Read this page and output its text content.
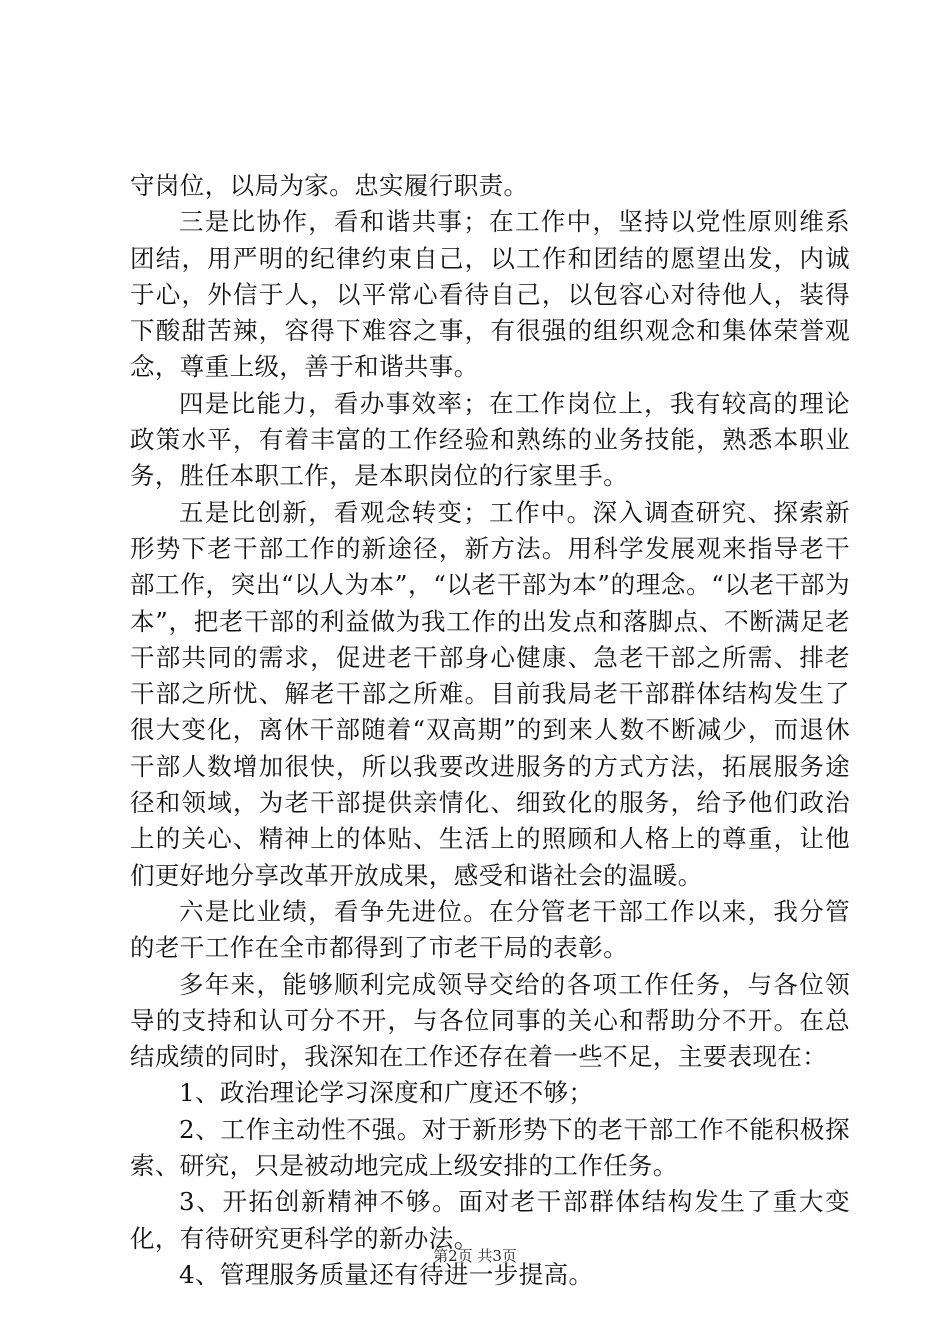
守岗位，以局为家。忠实履行职责。

三是比协作，看和谐共事；在工作中，坚持以党性原则维系团结，用严明的纪律约束自己，以工作和团结的愿望出发，内诚于心，外信于人，以平常心看待自己，以包容心对待他人，装得下酸甜苦辣，容得下难容之事，有很强的组织观念和集体荣誉观念，尊重上级，善于和谐共事。

四是比能力，看办事效率；在工作岗位上，我有较高的理论政策水平，有着丰富的工作经验和熟练的业务技能，熟悉本职业务，胜任本职工作，是本职岗位的行家里手。

五是比创新，看观念转变；工作中。深入调查研究、探索新形势下老干部工作的新途径，新方法。用科学发展观来指导老干部工作，突出“以人为本”，“以老干部为本”的理念。“以老干部为本”，把老干部的利益做为我工作的出发点和落脚点、不断满足老干部共同的需求，促进老干部身心健康、急老干部之所需、排老干部之所忧、解老干部之所难。目前我局老干部群体结构发生了很大变化，离休干部随着“双高期”的到来人数不断减少，而退休干部人数增加很快，所以我要改进服务的方式方法，拓展服务途径和领域，为老干部提供亲情化、细致化的服务，给予他们政治上的关心、精神上的体贴、生活上的照顾和人格上的尊重，让他们更好地分享改革开放成果，感受和谐社会的温暖。

六是比业绩，看争先进位。在分管老干部工作以来，我分管的老干工作在全市都得到了市老干局的表彰。

多年来，能够顺利完成领导交给的各项工作任务，与各位领导的支持和认可分不开，与各位同事的关心和帮助分不开。在总结成绩的同时，我深知在工作还存在着一些不足，主要表现在：

1、政治理论学习深度和广度还不够；

2、工作主动性不强。对于新形势下的老干部工作不能积极探索、研究，只是被动地完成上级安排的工作任务。

3、开拓创新精神不够。面对老干部群体结构发生了重大变化，有待研究更科学的新办法。

4、管理服务质量还有待进一步提高。

第2页 共3页
